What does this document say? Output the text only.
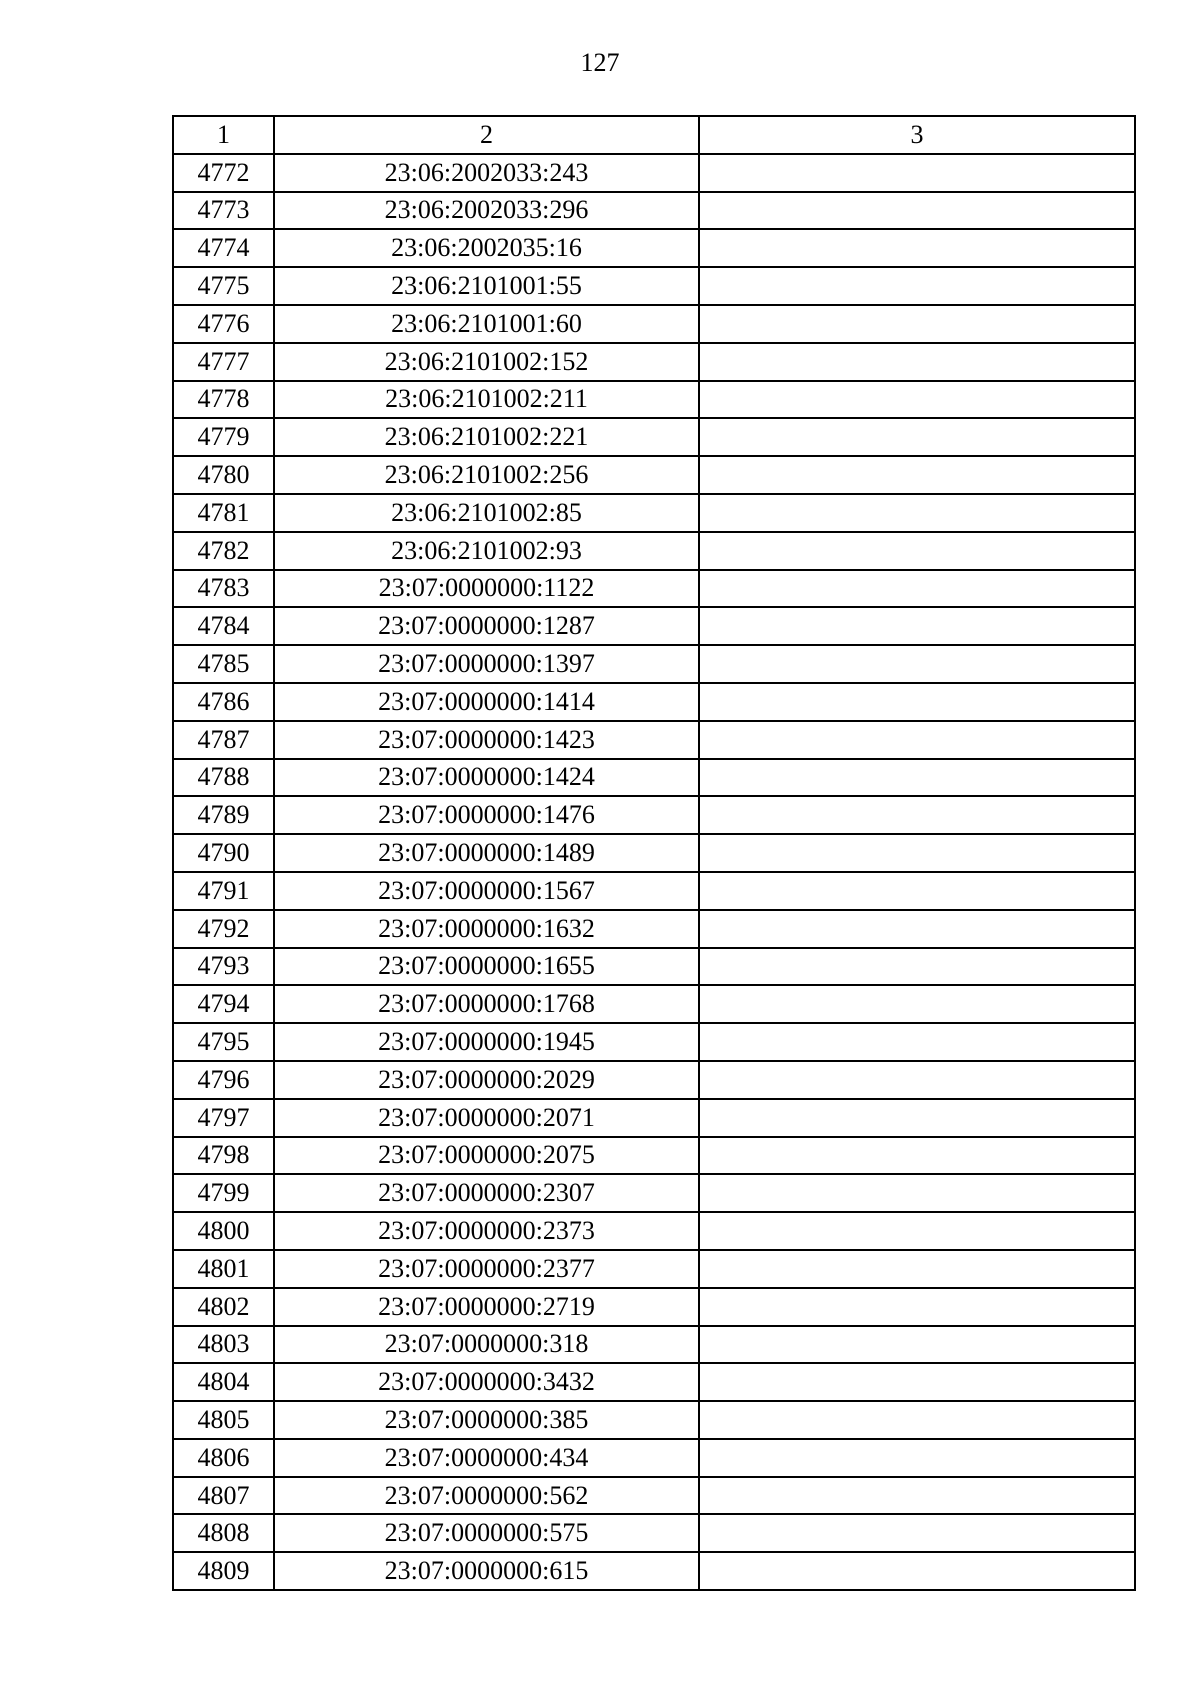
127
1	2	3
4772	23:06:2002033:243	
4773	23:06:2002033:296	
4774	23:06:2002035:16	
4775	23:06:2101001:55	
4776	23:06:2101001:60	
4777	23:06:2101002:152	
4778	23:06:2101002:211	
4779	23:06:2101002:221	
4780	23:06:2101002:256	
4781	23:06:2101002:85	
4782	23:06:2101002:93	
4783	23:07:0000000:1122	
4784	23:07:0000000:1287	
4785	23:07:0000000:1397	
4786	23:07:0000000:1414	
4787	23:07:0000000:1423	
4788	23:07:0000000:1424	
4789	23:07:0000000:1476	
4790	23:07:0000000:1489	
4791	23:07:0000000:1567	
4792	23:07:0000000:1632	
4793	23:07:0000000:1655	
4794	23:07:0000000:1768	
4795	23:07:0000000:1945	
4796	23:07:0000000:2029	
4797	23:07:0000000:2071	
4798	23:07:0000000:2075	
4799	23:07:0000000:2307	
4800	23:07:0000000:2373	
4801	23:07:0000000:2377	
4802	23:07:0000000:2719	
4803	23:07:0000000:318	
4804	23:07:0000000:3432	
4805	23:07:0000000:385	
4806	23:07:0000000:434	
4807	23:07:0000000:562	
4808	23:07:0000000:575	
4809	23:07:0000000:615	
